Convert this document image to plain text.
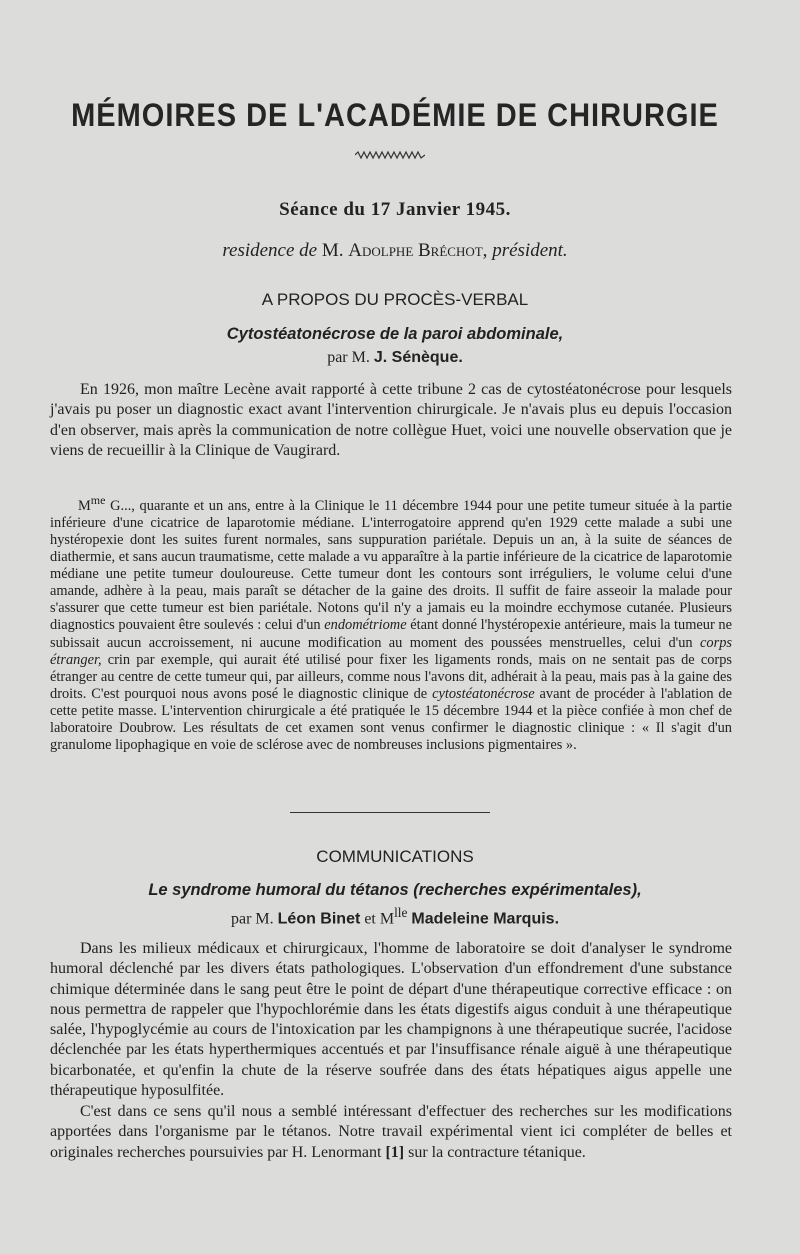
MÉMOIRES DE L'ACADÉMIE DE CHIRURGIE
Séance du 17 Janvier 1945.
residence de M. Adolphe Bréchot, président.
A PROPOS DU PROCÈS-VERBAL
Cytostéatonécrose de la paroi abdominale,
par M. J. Sénèque.

En 1926, mon maître Lecène avait rapporté à cette tribune 2 cas de cytostéatonécrose pour lesquels j'avais pu poser un diagnostic exact avant l'intervention chirurgicale. Je n'avais plus eu depuis l'occasion d'en observer, mais après la communication de notre collègue Huet, voici une nouvelle observation que je viens de recueillir à la Clinique de Vaugirard.

$M^{me}$ G..., quarante et un ans, entre à la Clinique le 11 décembre 1944 pour une petite tumeur située à la partie inférieure d'une cicatrice de laparotomie médiane. L'interrogatoire apprend qu'en 1929 cette malade a subi une hystéropexie dont les suites furent normales, sans suppuration pariétale. Depuis un an, à la suite de séances de diathermie, et sans aucun traumatisme, cette malade a vu apparaître à la partie inférieure de la cicatrice de laparotomie médiane une petite tumeur douloureuse. Cette tumeur dont les contours sont irréguliers, le volume celui d'une amande, adhère à la peau, mais paraît se détacher de la gaine des droits. Il suffit de faire asseoir la malade pour s'assurer que cette tumeur est bien pariétale. Notons qu'il n'y a jamais eu la moindre ecchymose cutanée. Plusieurs diagnostics pouvaient être soulevés : celui d'un endométriome étant donné l'hystéropexie antérieure, mais la tumeur ne subissait aucun accroissement, ni aucune modification au moment des poussées menstruelles, celui d'un corps étranger, crin par exemple, qui aurait été utilisé pour fixer les ligaments ronds, mais on ne sentait pas de corps étranger au centre de cette tumeur qui, par ailleurs, comme nous l'avons dit, adhérait à la peau, mais pas à la gaine des droits. C'est pourquoi nous avons posé le diagnostic clinique de cytostéatonécrose avant de procéder à l'ablation de cette petite masse. L'intervention chirurgicale a été pratiquée le 15 décembre 1944 et la pièce confiée à mon chef de laboratoire Doubrow. Les résultats de cet examen sont venus confirmer le diagnostic clinique : « Il s'agit d'un granulome lipophagique en voie de sclérose avec de nombreuses inclusions pigmentaires ».

COMMUNICATIONS
Le syndrome humoral du tétanos (recherches expérimentales),
par M. Léon Binet et $M^{lle}$ Madeleine Marquis.

Dans les milieux médicaux et chirurgicaux, l'homme de laboratoire se doit d'analyser le syndrome humoral déclenché par les divers états pathologiques. L'observation d'un effondrement d'une substance chimique déterminée dans le sang peut être le point de départ d'une thérapeutique corrective efficace : on nous permettra de rappeler que l'hypochlorémie dans les états digestifs aigus conduit à une thérapeutique salée, l'hypoglycémie au cours de l'intoxication par les champignons à une thérapeutique sucrée, l'acidose déclenchée par les états hyperthermiques accentués et par l'insuffisance rénale aiguë à une thérapeutique bicarbonatée, et qu'enfin la chute de la réserve soufrée dans des états hépatiques aigus appelle une thérapeutique hyposulfitée.

C'est dans ce sens qu'il nous a semblé intéressant d'effectuer des recherches sur les modifications apportées dans l'organisme par le tétanos. Notre travail expérimental vient ici compléter de belles et originales recherches poursuivies par H. Lenormant [1] sur la contracture tétanique.
